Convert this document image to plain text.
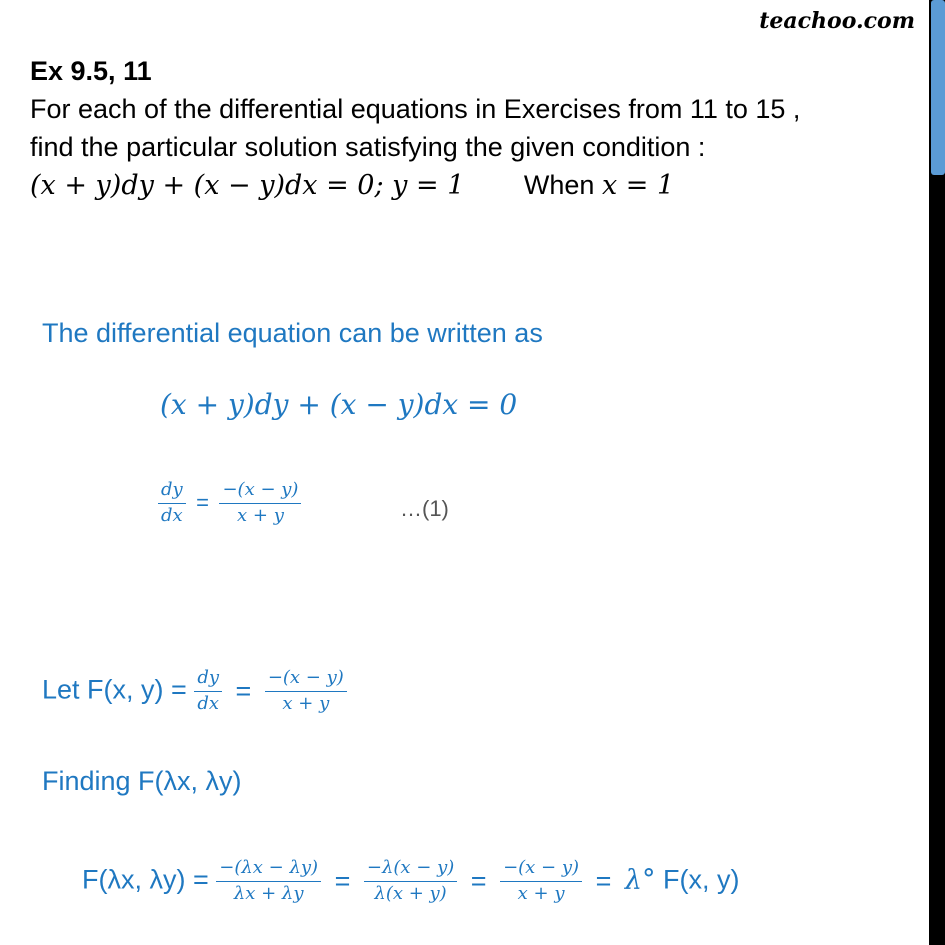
teachoo.com
Ex 9.5, 11
For each of the differential equations in Exercises from 11 to 15 ,
find the particular solution satisfying the given condition :
(x + y)dy + (x − y)dx = 0; y = 1 When x = 1
The differential equation can be written as
(x + y)dy + (x − y)dx = 0
$\frac{dy}{dx} = \frac{-(x - y)}{x + y}$	…(1)
Let F(x, $y) = \frac{dy}{dx} = \frac{-(x - y)}{x + y}$
Finding F(λx, λy)
F(λx, $\lambda y) = \frac{-(\lambda x - \lambda y)}{\lambda x + \lambda y} = \frac{-\lambda(x - y)}{\lambda(x + y)} = \frac{-(x - y)}{x + y} = \lambda^\circ$ F(x, y)
